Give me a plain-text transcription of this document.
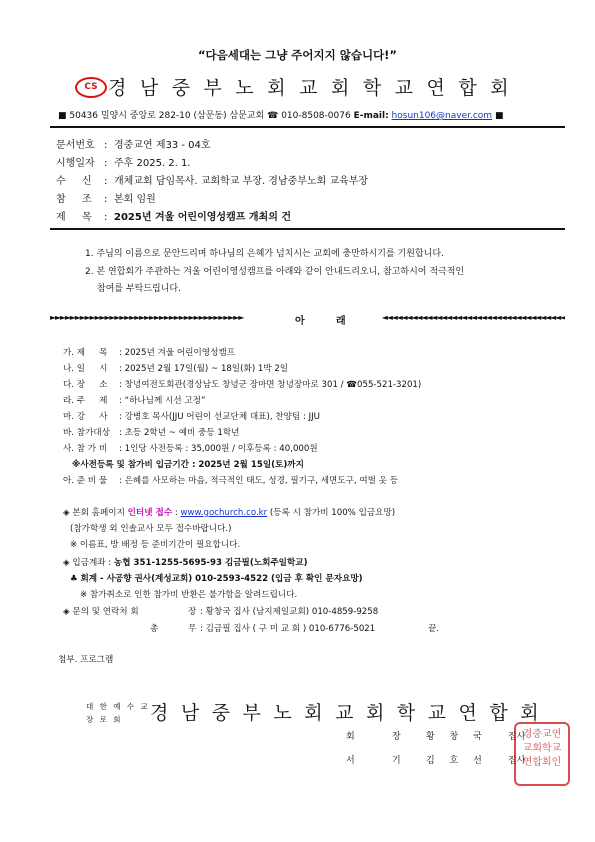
“다음세대는 그냥 주어지지 않습니다!”
CS 경남중부노회교회학교연합회
■ 50436 밀양시 중앙로 282-10 (삼문동) 삼문교회 ☎ 010-8508-0076 E-mail: hosun106@naver.com ■
문서번호 : 경중교연 제33 - 04호
시행일자 : 주후 2025. 2. 1.
수 　 신 : 개체교회 담임목사. 교회학교 부장. 경남중부노회 교육부장
참 　 조 : 본회 임원
제 　 목 : 2025년 겨울 어린이영성캠프 개최의 건
1. 주님의 이름으로 문안드리며 하나님의 은혜가 넘치시는 교회에 충만하시기를 기원합니다.
2. 본 연합회가 주관하는 겨울 어린이영성캠프를 아래와 같이 안내드리오니, 참고하시어 적극적인
참여를 부탁드립니다.
►►►►►►►►►►►►►►►►►►►►►►►►►►►►►►►►►►►►►►►	◄◄◄◄◄◄◄◄◄◄◄◄◄◄◄◄◄◄◄◄◄◄◄◄◄◄◄◄◄◄◄◄◄◄◄◄◄
아	래
가. 제 　 목 : 2025년 겨울 어린이영성캠프
나. 일 　 시 : 2025년 2월 17일(월) ~ 18일(화) 1박 2일
다. 장 　 소 : 창녕여전도회관(경상남도 창녕군 장마면 창녕장마로 301 / ☎055-521-3201)
라. 주 　 제 : “하나님께 시선 고정”
마. 강 　 사 : 강병호 목사(JJU 어린이 선교단체 대표), 찬양팀 : JJU
바. 참가대상 : 초등 2학년 ~ 예비 중등 1학년
사. 참 가 비 : 1인당 사전등록 : 35,000원 / 이후등록 : 40,000원
※사전등록 및 참가비 입금기간 : 2025년 2월 15일(토)까지
아. 준 비 물 : 은혜를 사모하는 마음, 적극적인 태도, 성경, 필기구, 세면도구, 여벌 옷 등
◈ 본회 홈페이지 인터넷 접수 : www.gochurch.co.kr (등록 시 참가비 100% 입금요망)
(참가학생 외 인솔교사 모두 접수바랍니다.)
※ 이름표, 방 배정 등 준비기간이 필요합니다.
◈ 입금계좌 : 농협 351-1255-5695-93 김금필(노회주일학교)
♣ 회계 - 사공향 권사(계성교회) 010-2593-4522 (입금 후 확인 문자요망)
※ 참가취소로 인한 참가비 반환은 불가함을 알려드립니다.
◈ 문의 및 연락처 회	장 : 황창국 집사 (남지제일교회) 010-4859-9258
총	무 : 김금필 집사 ( 구 미 교 회 ) 010-6776-5021	끝.
첨부. 프로그램
대 한 예 수 교
장 로 회	경남중부노회교회학교연합회
회	장	황 창 국 집사
서	기	김 호 선 집사
경중교연
교회학교
연합회인
